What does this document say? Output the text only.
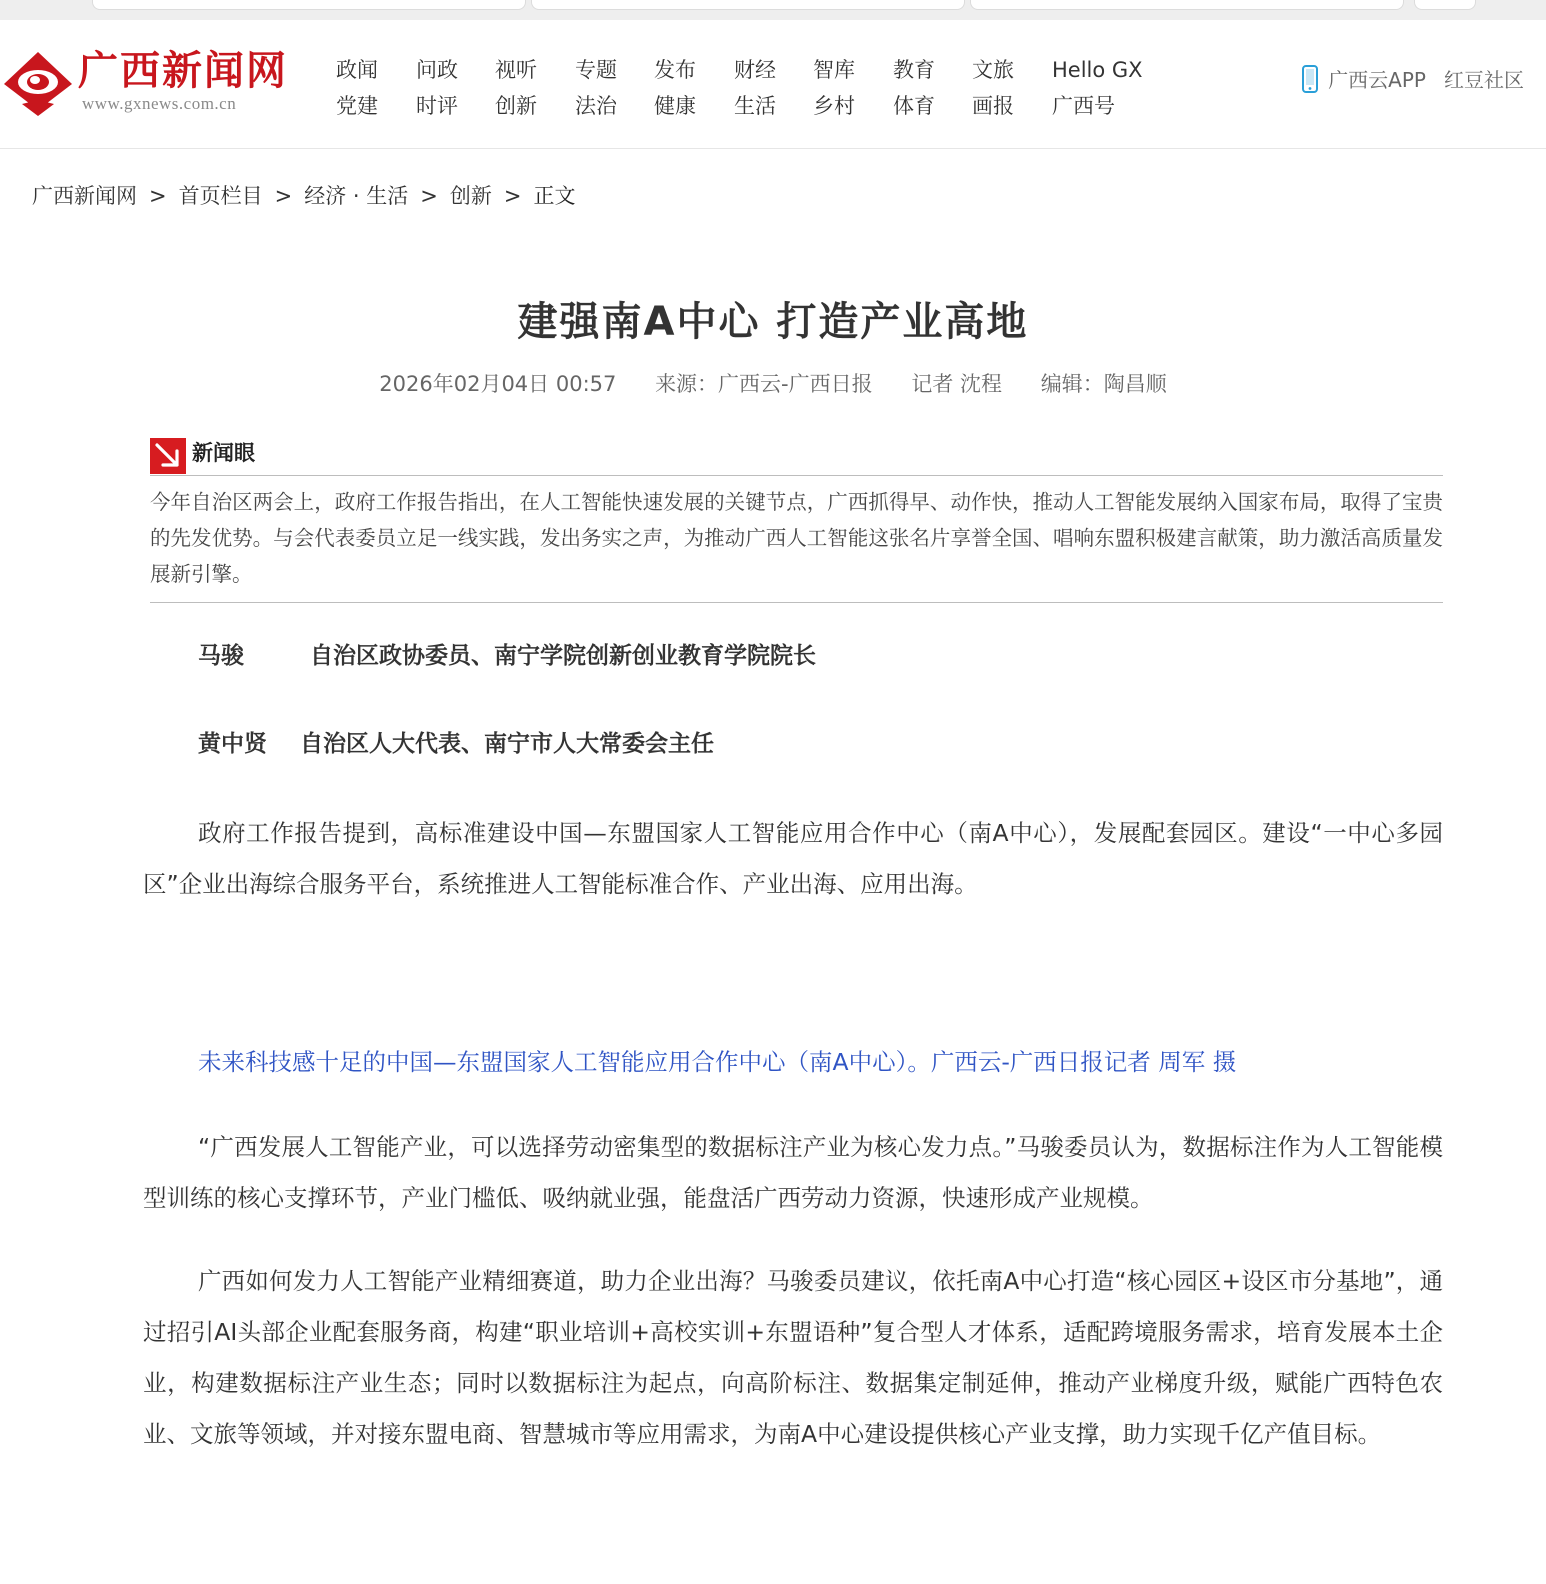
广西新闻网
www.gxnews.com.cn
政闻
党建
问政
时评
视听
创新
专题
法治
发布
健康
财经
生活
智库
乡村
教育
体育
文旅
画报
Hello GX
广西号
广西云APP 红豆社区
广西新闻网 > 首页栏目 > 经济 · 生活 > 创新 > 正文
建强南A中心 打造产业高地
2026年02月04日 00:57 来源：广西云-广西日报 记者 沈程 编辑：陶昌顺
新闻眼
今年自治区两会上，政府工作报告指出，在人工智能快速发展的关键节点，广西抓得早、动作快，推动人工智能发展纳入国家布局，取得了宝贵的先发优势。与会代表委员立足一线实践，发出务实之声，为推动广西人工智能这张名片享誉全国、唱响东盟积极建言献策，助力激活高质量发展新引擎。

马骏	自治区政协委员、南宁学院创新创业教育学院院长

黄中贤 自治区人大代表、南宁市人大常委会主任

政府工作报告提到，高标准建设中国—东盟国家人工智能应用合作中心（南A中心），发展配套园区。建设“一中心多园区”企业出海综合服务平台，系统推进人工智能标准合作、产业出海、应用出海。

未来科技感十足的中国—东盟国家人工智能应用合作中心（南A中心）。广西云-广西日报记者 周军 摄

“广西发展人工智能产业，可以选择劳动密集型的数据标注产业为核心发力点。”马骏委员认为，数据标注作为人工智能模型训练的核心支撑环节，产业门槛低、吸纳就业强，能盘活广西劳动力资源，快速形成产业规模。

广西如何发力人工智能产业精细赛道，助力企业出海？马骏委员建议，依托南A中心打造“核心园区+设区市分基地”，通过招引AI头部企业配套服务商，构建“职业培训+高校实训+东盟语种”复合型人才体系，适配跨境服务需求，培育发展本土企业，构建数据标注产业生态；同时以数据标注为起点，向高阶标注、数据集定制延伸，推动产业梯度升级，赋能广西特色农业、文旅等领域，并对接东盟电商、智慧城市等应用需求，为南A中心建设提供核心产业支撑，助力实现千亿产值目标。
